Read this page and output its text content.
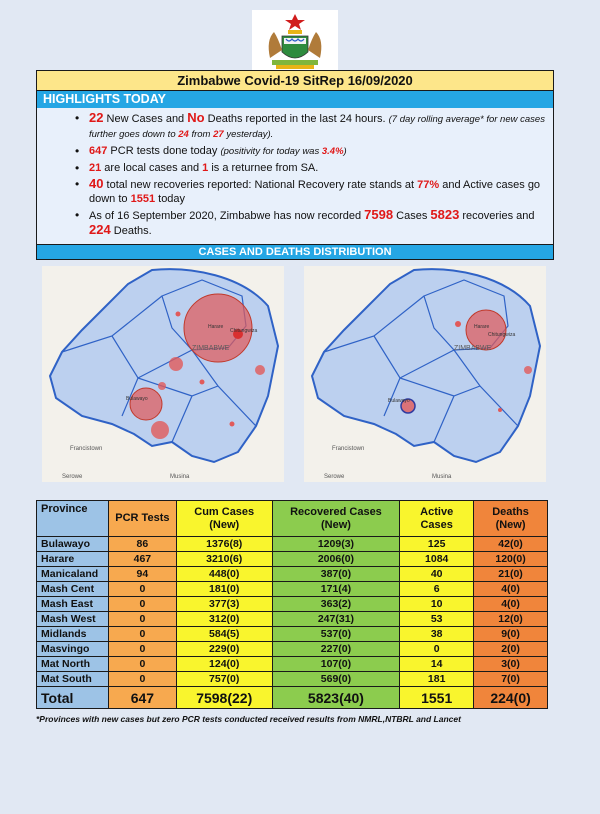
Zimbabwe Covid-19 SitRep 16/09/2020
HIGHLIGHTS TODAY
• 22 New Cases and No Deaths reported in the last 24 hours. (7 day rolling average* for new cases further goes down to 24 from 27 yesterday).
• 647 PCR tests done today (positivity for today was 3.4%)
• 21 are local cases and 1 is a returnee from SA.
• 40 total new recoveries reported: National Recovery rate stands at 77% and Active cases go down to 1551 today
• As of 16 September 2020, Zimbabwe has now recorded 7598 Cases 5823 recoveries and 224 Deaths.
CASES AND DEATHS DISTRIBUTION
ZIMBABWE
Harare
Chitungwiza
Bulawayo
Francistown
Serowe	Musina
ZIMBABWE
Harare
Chitungwiza
Bulawayo
Francistown
Serowe	Musina
Province	PCR Tests	Cum Cases (New)	Recovered Cases (New)	Active Cases	Deaths (New)
Bulawayo	86	1376(8)	1209(3)	125	42(0)
Harare	467	3210(6)	2006(0)	1084	120(0)
Manicaland	94	448(0)	387(0)	40	21(0)
Mash Cent	0	181(0)	171(4)	6	4(0)
Mash East	0	377(3)	363(2)	10	4(0)
Mash West	0	312(0)	247(31)	53	12(0)
Midlands	0	584(5)	537(0)	38	9(0)
Masvingo	0	229(0)	227(0)	0	2(0)
Mat North	0	124(0)	107(0)	14	3(0)
Mat South	0	757(0)	569(0)	181	7(0)
Total	647	7598(22)	5823(40)	1551	224(0)
*Provinces with new cases but zero PCR tests conducted received results from NMRL,NTBRL and Lancet
